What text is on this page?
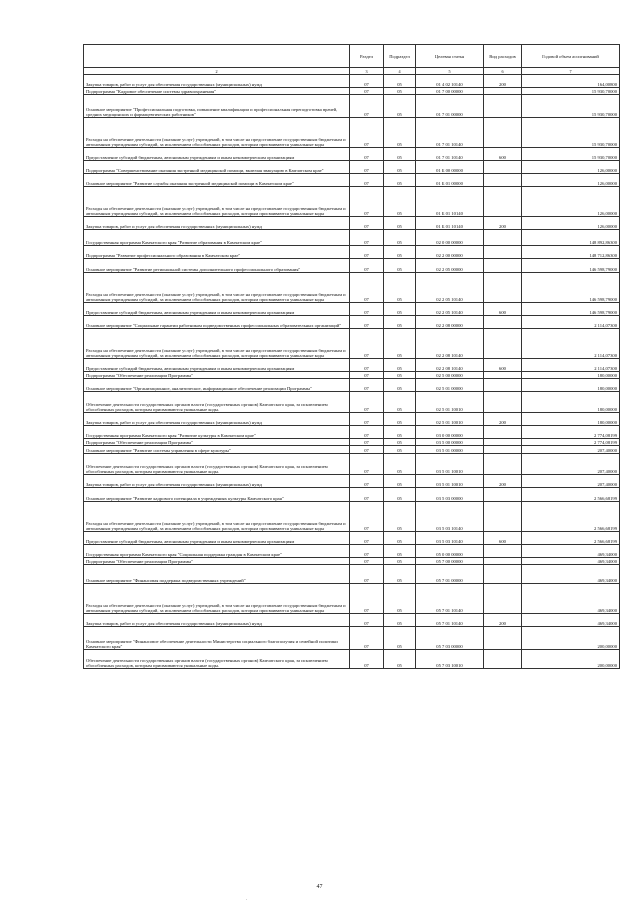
		Раздел	Подраздел	Целевая статья	Вид расходов	Годовой объем ассигнований
	2	3	4	5	6	7
	Закупка товаров, работ и услуг для обеспечения государственных (муниципальных) нужд	07	05	01 4 02 10140	200	164,00800
	Подпрограмма "Кадровое обеспечение системы здравоохранения"	07	05	01 7 00 00000		15 930,70000
	Основное мероприятие "Профессиональная подготовка, повышение квалификации и профессиональная переподготовка врачей, средних медицинских и фармацевтических работников"	07	05	01 7 01 00000		15 930,70000
	Расходы на обеспечение деятельности (оказание услуг) учреждений, в том числе на предоставление государственным бюджетным и автономным учреждениям субсидий, за исключением обособленных расходов, которым присваиваются уникальные коды	07	05	01 7 01 10140		15 930,70000
	Предоставление субсидий бюджетным, автономным учреждениям и иным некоммерческим организациям	07	05	01 7 01 10140	600	15 930,70000
	Подпрограмма "Совершенствование оказания экстренной медицинской помощи, включая эвакуацию в Камчатском крае"	07	05	01 Б 00 00000		126,00000
	Основное мероприятие "Развитие службы оказания экстренной медицинской помощи в Камчатском крае"	07	05	01 Б 01 00000		126,00000
	Расходы на обеспечение деятельности (оказание услуг) учреждений, в том числе на предоставление государственным бюджетным и автономным учреждениям субсидий, за исключением обособленных расходов, которым присваиваются уникальные коды	07	05	01 Б 01 10140		126,00000
	Закупка товаров, работ и услуг для обеспечения государственных (муниципальных) нужд	07	05	01 Б 01 10140	200	126,00000
	Государственная программа Камчатского края "Развитие образования в Камчатском крае"	07	05	02 0 00 00000		148 892,86300
	Подпрограмма "Развитие профессионального образования в Камчатском крае"	07	05	02 2 00 00000		148 712,86300
	Основное мероприятие "Развитие региональной системы дополнительного профессионального образования"	07	05	02 2 05 00000		146 598,79000
	Расходы на обеспечение деятельности (оказание услуг) учреждений, в том числе на предоставление государственным бюджетным и автономным учреждениям субсидий, за исключением обособленных расходов, которым присваиваются уникальные коды	07	05	02 2 05 10140		146 598,79000
	Предоставление субсидий бюджетным, автономным учреждениям и иным некоммерческим организациям	07	05	02 2 05 10140	600	146 598,79000
	Основное мероприятие "Социальные гарантии работникам подведомственных профессиональных образовательных организаций"	07	05	02 2 08 00000		2 114,07300
	Расходы на обеспечение деятельности (оказание услуг) учреждений, в том числе на предоставление государственным бюджетным и автономным учреждениям субсидий, за исключением обособленных расходов, которым присваиваются уникальные коды	07	05	02 2 08 10140		2 114,07300
	Предоставление субсидий бюджетным, автономным учреждениям и иным некоммерческим организациям	07	05	02 2 08 10140	600	2 114,07300
	Подпрограмма "Обеспечение реализации Программы"	07	05	02 5 00 00000		180,00000
	Основное мероприятие "Организационное, аналитическое, информационное обеспечение реализации Программы"	07	05	02 5 01 00000		180,00000
	Обеспечение деятельности государственных органов власти (государственных органов) Камчатского края, за исключением обособленных расходов, которым присваиваются уникальные коды.	07	05	02 5 01 10010		180,00000
	Закупка товаров, работ и услуг для обеспечения государственных (муниципальных) нужд	07	05	02 5 01 10010	200	180,00000
	Государственная программа Камчатского края "Развитие культуры в Камчатском крае"	07	05	03 0 00 00000		2 774,08199
	Подпрограмма "Обеспечение реализации Программы"	07	05	03 5 00 00000		2 774,08199
	Основное мероприятие "Развитие системы управления в сфере культуры"	07	05	03 5 01 00000		207,40000
	Обеспечение деятельности государственных органов власти (государственных органов) Камчатского края, за исключением обособленных расходов, которым присваиваются уникальные коды.	07	05	03 5 01 10010		207,40000
	Закупка товаров, работ и услуг для обеспечения государственных (муниципальных) нужд	07	05	03 5 01 10010	200	207,40000
	Основное мероприятие "Развитие кадрового потенциала в учреждениях культуры Камчатского края"	07	05	03 5 03 00000		2 566,68199
	Расходы на обеспечение деятельности (оказание услуг) учреждений, в том числе на предоставление государственным бюджетным и автономным учреждениям субсидий, за исключением обособленных расходов, которым присваиваются уникальные коды	07	05	03 5 03 10140		2 566,68199
	Предоставление субсидий бюджетным, автономным учреждениям и иным некоммерческим организациям	07	05	03 5 03 10140	600	2 566,68199
	Государственная программа Камчатского края "Социальная поддержка граждан в Камчатском крае"	07	05	05 0 00 00000		469,34000
	Подпрограмма "Обеспечение реализации Программы"	07	05	05 7 00 00000		469,34000
	Основное мероприятие "Финансовая поддержка подведомственных учреждений"	07	05	05 7 01 00000		469,34000
	Расходы на обеспечение деятельности (оказание услуг) учреждений, в том числе на предоставление государственным бюджетным и автономным учреждениям субсидий, за исключением обособленных расходов, которым присваиваются уникальные коды	07	05	05 7 01 10140		469,34000
	Закупка товаров, работ и услуг для обеспечения государственных (муниципальных) нужд	07	05	05 7 01 10140	200	469,34000
	Основное мероприятие "Финансовое обеспечение деятельности Министерства социального благополучия и семейной политики Камчатского края"	07	05	05 7 03 00000		200,00000
	Обеспечение деятельности государственных органов власти (государственных органов) Камчатского края, за исключением обособленных расходов, которым присваиваются уникальные коды.	07	05	05 7 03 10010		200,00000
47
.
